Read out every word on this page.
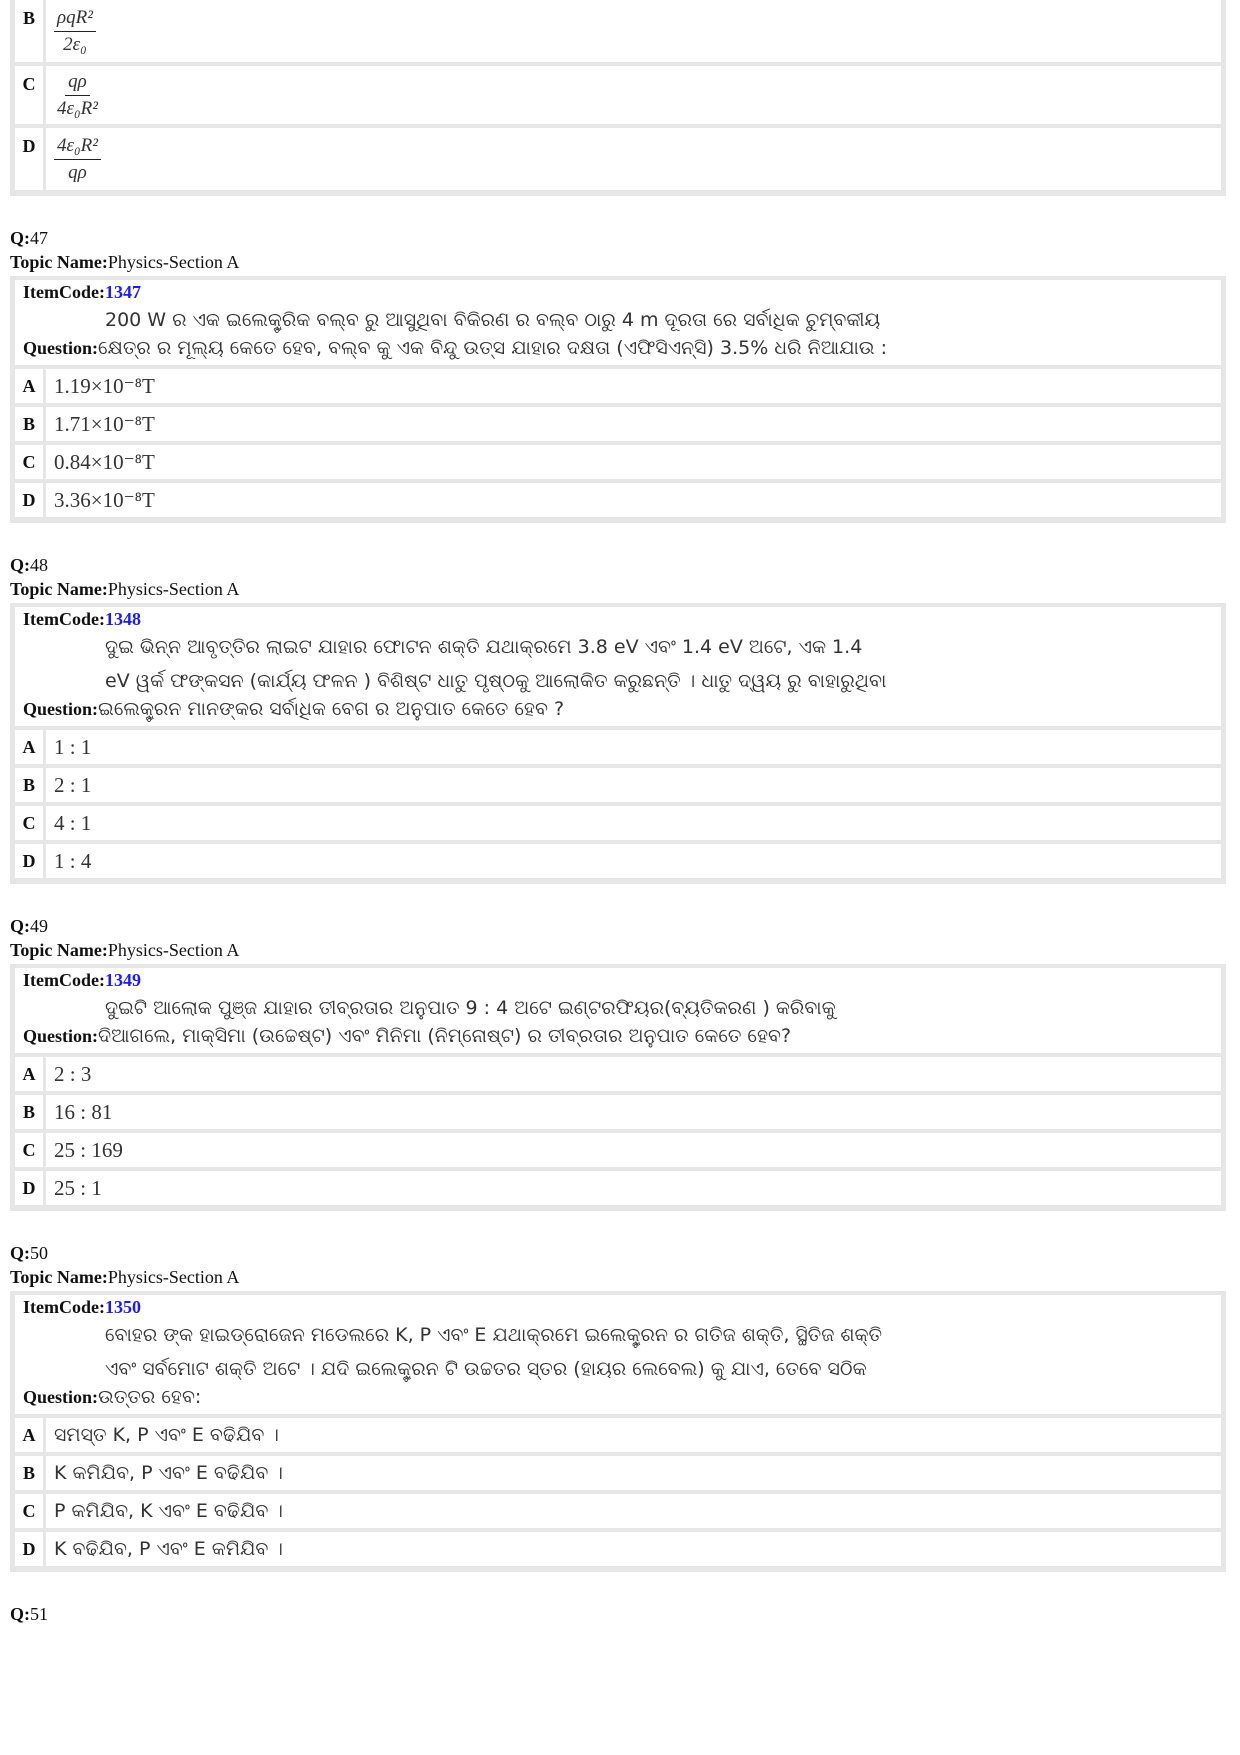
B	$\frac{\text{ρqR²}}{\text{2ε₀}}$
C $\frac{q\rho}{\text{4ε₀R²}}$
D $\frac{\text{4ε₀R²}}{q\rho}$
Q:47
Topic Name:Physics-Section A
ItemCode:1347
200 W ର ଏକ ଇଲେକ୍ଟ୍ରିକ ବଲ୍ବ ରୁ ଆସୁଥିବା ବିକିରଣ ର ବଲ୍ବ ଠାରୁ 4 m ଦୂରତା ରେ ସର୍ବାଧିକ ଚୁମ୍ବକୀୟ
Question:କ୍ଷେତ୍ର ର ମୂଲ୍ୟ କେତେ ହେବ, ବଲ୍ବ କୁ ଏକ ବିନ୍ଦୁ ଉତ୍ସ ଯାହାର ଦକ୍ଷତା (ଏଫିସିଏନ୍ସି) 3.5% ଧରି ନିଆଯାଉ :
A 1.19×10⁻⁸T
B 1.71×10⁻⁸T
C 0.84×10⁻⁸T
D 3.36×10⁻⁸T
Q:48
Topic Name:Physics-Section A
ItemCode:1348
ଦୁଇ ଭିନ୍ନ ଆବୃତ୍ତିର ଲାଇଟ ଯାହାର ଫୋଟନ ଶକ୍ତି ଯଥାକ୍ରମେ 3.8 eV ଏବଂ 1.4 eV ଅଟେ, ଏକ 1.4
eV ୱର୍କ ଫଙ୍କସନ (କାର୍ଯ୍ୟ ଫଳନ ) ବିଶିଷ୍ଟ ଧାତୁ ପୃଷ୍ଠକୁ ଆଲୋକିତ କରୁଛନ୍ତି । ଧାତୁ ଦ୍ୱୟ ରୁ ବାହାରୁଥିବା
Question:ଇଲେକ୍ଟ୍ରନ ମାନଙ୍କର ସର୍ବାଧିକ ବେଗ ର ଅନୁପାତ କେତେ ହେବ ?
A 1 : 1
B 2 : 1
C 4 : 1
D 1 : 4
Q:49
Topic Name:Physics-Section A
ItemCode:1349
ଦୁଇଟି ଆଲୋକ ପୁଞ୍ଜ ଯାହାର ତୀବ୍ରତାର ଅନୁପାତ 9 : 4 ଅଟେ ଇଣ୍ଟରଫିୟର(ବ୍ୟତିକରଣ ) କରିବାକୁ
Question:ଦିଆଗଲେ, ମାକ୍ସିମା (ଉଚ୍ଚେଷ୍ଟ) ଏବଂ ମିନିମା (ନିମ୍ନୋଷ୍ଟ) ର ତୀବ୍ରତାର ଅନୁପାତ କେତେ ହେବ?
A 2 : 3
B 16 : 81
C 25 : 169
D 25 : 1
Q:50
Topic Name:Physics-Section A
ItemCode:1350
ବୋହର ଙ୍କ ହାଇଡ୍ରୋଜେନ ମଡେଲରେ K, P ଏବଂ E ଯଥାକ୍ରମେ ଇଲେକ୍ଟ୍ରନ ର ଗତିଜ ଶକ୍ତି, ସ୍ଥିତିଜ ଶକ୍ତି
ଏବଂ ସର୍ବମୋଟ ଶକ୍ତି ଅଟେ । ଯଦି ଇଲେକ୍ଟ୍ରନ ଟି ଉଚ୍ଚତର ସ୍ତର (ହାୟର ଲେବେଲ) କୁ ଯାଏ, ତେବେ ସଠିକ
Question:ଉତ୍ତର ହେବ:
A ସମସ୍ତ K, P ଏବଂ E ବଢିଯିବ ।
B	K କମିଯିବ, P ଏବଂ E ବଢିଯିବ ।
C P କମିଯିବ, K ଏବଂ E ବଢିଯିବ ।
D K ବଢିଯିବ, P ଏବଂ E କମିଯିବ ।
Q:51
